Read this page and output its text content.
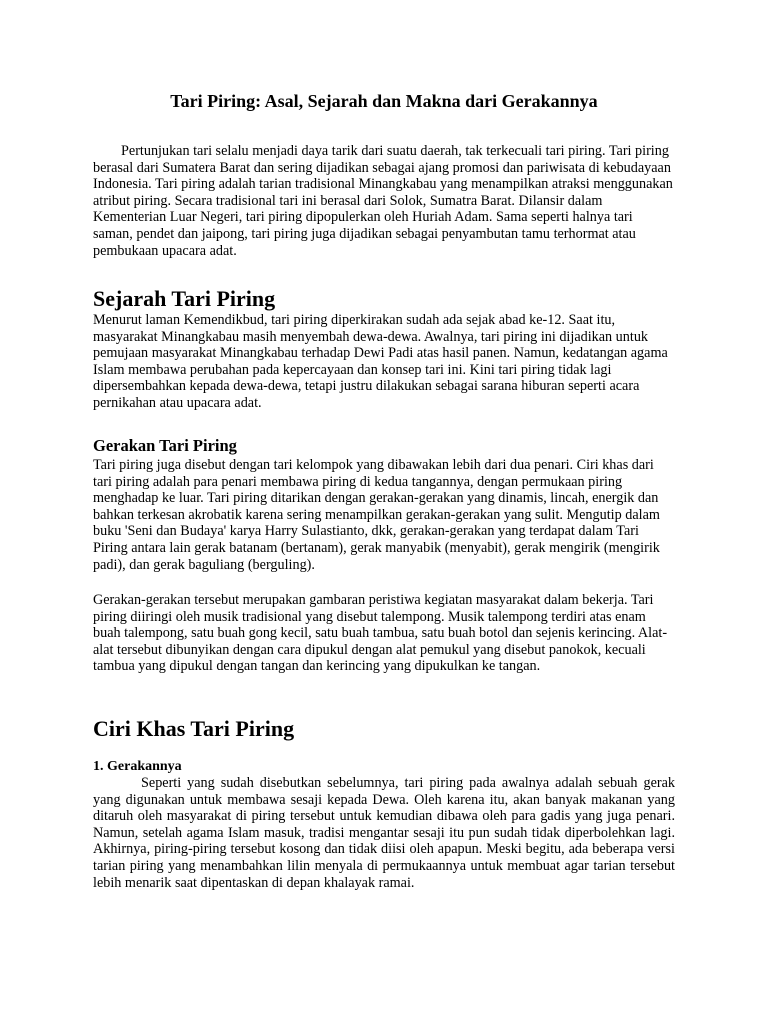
Tari Piring: Asal, Sejarah dan Makna dari Gerakannya

Pertunjukan tari selalu menjadi daya tarik dari suatu daerah, tak terkecuali tari piring. Tari piring berasal dari Sumatera Barat dan sering dijadikan sebagai ajang promosi dan pariwisata di kebudayaan Indonesia. Tari piring adalah tarian tradisional Minangkabau yang menampilkan atraksi menggunakan atribut piring. Secara tradisional tari ini berasal dari Solok, Sumatra Barat. Dilansir dalam Kementerian Luar Negeri, tari piring dipopulerkan oleh Huriah Adam. Sama seperti halnya tari saman, pendet dan jaipong, tari piring juga dijadikan sebagai penyambutan tamu terhormat atau pembukaan upacara adat.

Sejarah Tari Piring

Menurut laman Kemendikbud, tari piring diperkirakan sudah ada sejak abad ke-12. Saat itu, masyarakat Minangkabau masih menyembah dewa-dewa. Awalnya, tari piring ini dijadikan untuk pemujaan masyarakat Minangkabau terhadap Dewi Padi atas hasil panen. Namun, kedatangan agama Islam membawa perubahan pada kepercayaan dan konsep tari ini. Kini tari piring tidak lagi dipersembahkan kepada dewa-dewa, tetapi justru dilakukan sebagai sarana hiburan seperti acara pernikahan atau upacara adat.

Gerakan Tari Piring

Tari piring juga disebut dengan tari kelompok yang dibawakan lebih dari dua penari. Ciri khas dari tari piring adalah para penari membawa piring di kedua tangannya, dengan permukaan piring menghadap ke luar. Tari piring ditarikan dengan gerakan-gerakan yang dinamis, lincah, energik dan bahkan terkesan akrobatik karena sering menampilkan gerakan-gerakan yang sulit. Mengutip dalam buku 'Seni dan Budaya' karya Harry Sulastianto, dkk, gerakan-gerakan yang terdapat dalam Tari Piring antara lain gerak batanam (bertanam), gerak manyabik (menyabit), gerak mengirik (mengirik padi), dan gerak baguliang (berguling).

Gerakan-gerakan tersebut merupakan gambaran peristiwa kegiatan masyarakat dalam bekerja. Tari piring diiringi oleh musik tradisional yang disebut talempong. Musik talempong terdiri atas enam buah talempong, satu buah gong kecil, satu buah tambua, satu buah botol dan sejenis kerincing. Alat-alat tersebut dibunyikan dengan cara dipukul dengan alat pemukul yang disebut panokok, kecuali tambua yang dipukul dengan tangan dan kerincing yang dipukulkan ke tangan.

Ciri Khas Tari Piring
1. Gerakannya

Seperti yang sudah disebutkan sebelumnya, tari piring pada awalnya adalah sebuah gerak yang digunakan untuk membawa sesaji kepada Dewa. Oleh karena itu, akan banyak makanan yang ditaruh oleh masyarakat di piring tersebut untuk kemudian dibawa oleh para gadis yang juga penari. Namun, setelah agama Islam masuk, tradisi mengantar sesaji itu pun sudah tidak diperbolehkan lagi. Akhirnya, piring-piring tersebut kosong dan tidak diisi oleh apapun. Meski begitu, ada beberapa versi tarian piring yang menambahkan lilin menyala di permukaannya untuk membuat agar tarian tersebut lebih menarik saat dipentaskan di depan khalayak ramai.
